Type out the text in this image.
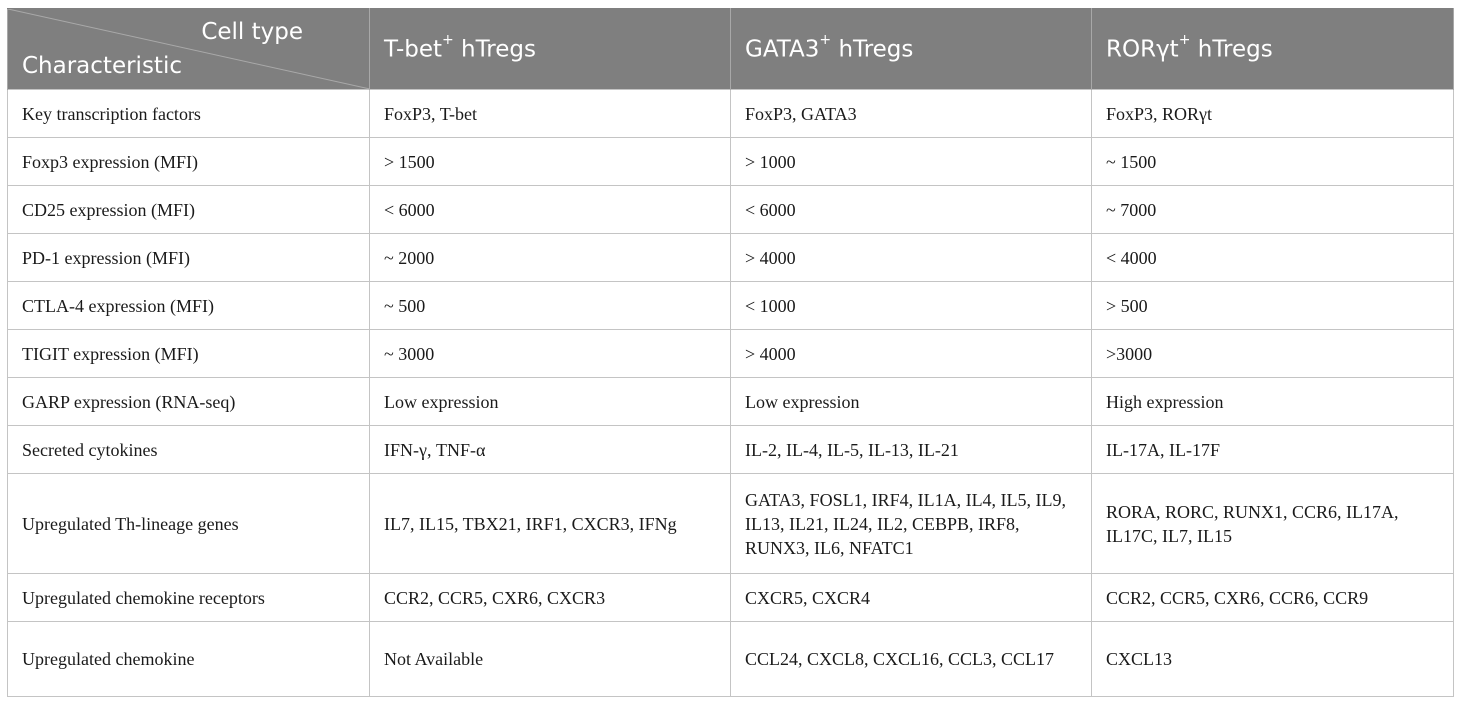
Cell type
Characteristic	T-bet+ hTregs	GATA3+ hTregs	RORγt+ hTregs
Key transcription factors	FoxP3, T-bet	FoxP3, GATA3	FoxP3, RORγt
Foxp3 expression (MFI)	> 1500	> 1000	~ 1500
CD25 expression (MFI)	< 6000	< 6000	~ 7000
PD-1 expression (MFI)	~ 2000	> 4000	< 4000
CTLA-4 expression (MFI)	~ 500	< 1000	> 500
TIGIT expression (MFI)	~ 3000	> 4000	>3000
GARP expression (RNA-seq)	Low expression	Low expression	High expression
Secreted cytokines	IFN-γ, TNF-α	IL-2, IL-4, IL-5, IL-13, IL-21	IL-17A, IL-17F
Upregulated Th-lineage genes	IL7, IL15, TBX21, IRF1, CXCR3, IFNg	GATA3, FOSL1, IRF4, IL1A, IL4, IL5, IL9, IL13, IL21, IL24, IL2, CEBPB, IRF8, RUNX3, IL6, NFATC1	RORA, RORC, RUNX1, CCR6, IL17A, IL17C, IL7, IL15
Upregulated chemokine receptors	CCR2, CCR5, CXR6, CXCR3	CXCR5, CXCR4	CCR2, CCR5, CXR6, CCR6, CCR9
Upregulated chemokine	Not Available	CCL24, CXCL8, CXCL16, CCL3, CCL17	CXCL13
